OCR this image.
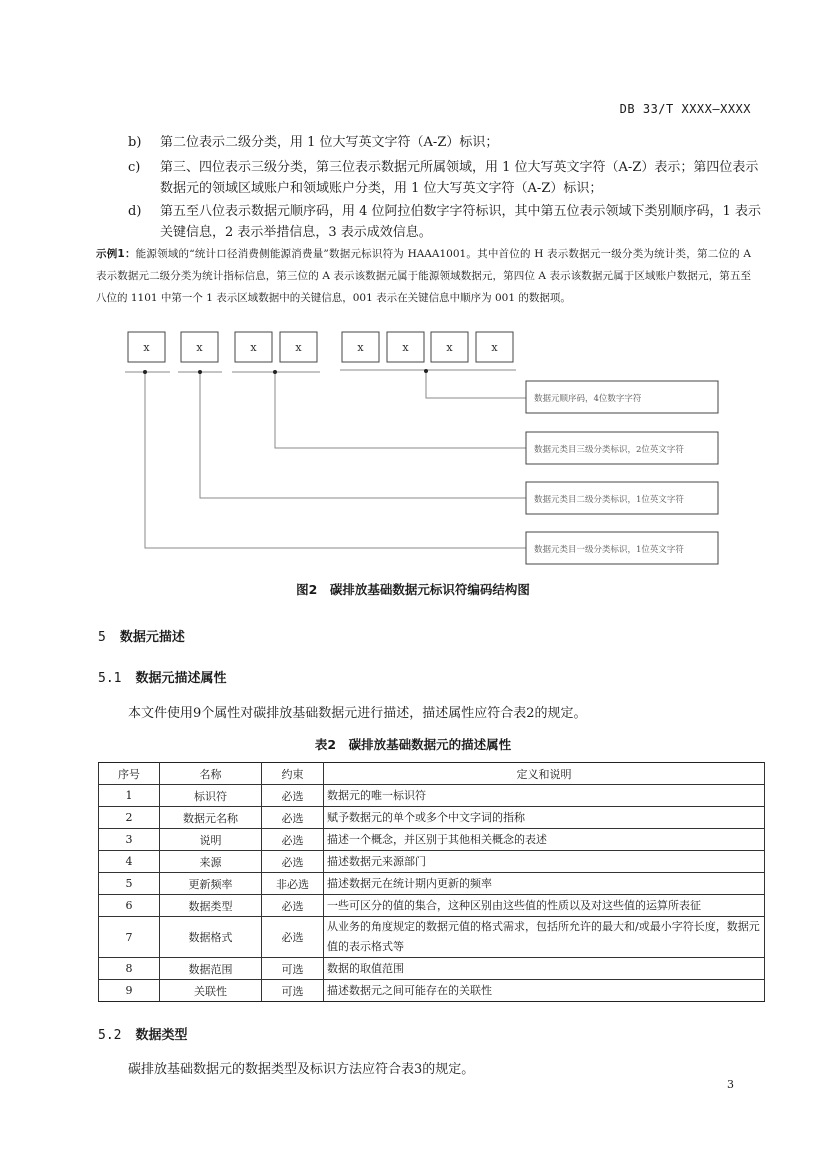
DB 33/T XXXX—XXXX
b)	第二位表示二级分类，用 1 位大写英文字符（A-Z）标识；
c)	第三、四位表示三级分类，第三位表示数据元所属领域，用 1 位大写英文字符（A-Z）表示；第四位表示数据元的领域区域账户和领域账户分类，用 1 位大写英文字符（A-Z）标识；
d)	第五至八位表示数据元顺序码，用 4 位阿拉伯数字字符标识，其中第五位表示领域下类别顺序码，1 表示关键信息，2 表示举措信息，3 表示成效信息。
示例1：能源领域的“统计口径消费侧能源消费量”数据元标识符为 HAAA1001。其中首位的 H 表示数据元一级分类为统计类，第二位的 A 表示数据元二级分类为统计指标信息，第三位的 A 表示该数据元属于能源领域数据元，第四位 A 表示该数据元属于区域账户数据元，第五至八位的 1101 中第一个 1 表示区域数据中的关键信息，001 表示在关键信息中顺序为 001 的数据项。
x	x	x	x	x	x	x	x
数据元顺序码，4位数字字符
数据元类目三级分类标识，2位英文字符
数据元类目二级分类标识，1位英文字符
数据元类目一级分类标识，1位英文字符
图2　碳排放基础数据元标识符编码结构图
5 数据元描述
5.1 数据元描述属性
本文件使用9个属性对碳排放基础数据元进行描述，描述属性应符合表2的规定。
表2　碳排放基础数据元的描述属性
序号	名称	约束	定义和说明
1	标识符	必选	数据元的唯一标识符
2	数据元名称	必选	赋予数据元的单个或多个中文字词的指称
3	说明	必选	描述一个概念，并区别于其他相关概念的表述
4	来源	必选	描述数据元来源部门
5	更新频率	非必选	描述数据元在统计期内更新的频率
6	数据类型	必选	一些可区分的值的集合，这种区别由这些值的性质以及对这些值的运算所表征
7	数据格式	必选	从业务的角度规定的数据元值的格式需求，包括所允许的最大和/或最小字符长度，数据元值的表示格式等
8	数据范围	可选	数据的取值范围
9	关联性	可选	描述数据元之间可能存在的关联性
5.2 数据类型
碳排放基础数据元的数据类型及标识方法应符合表3的规定。
3
